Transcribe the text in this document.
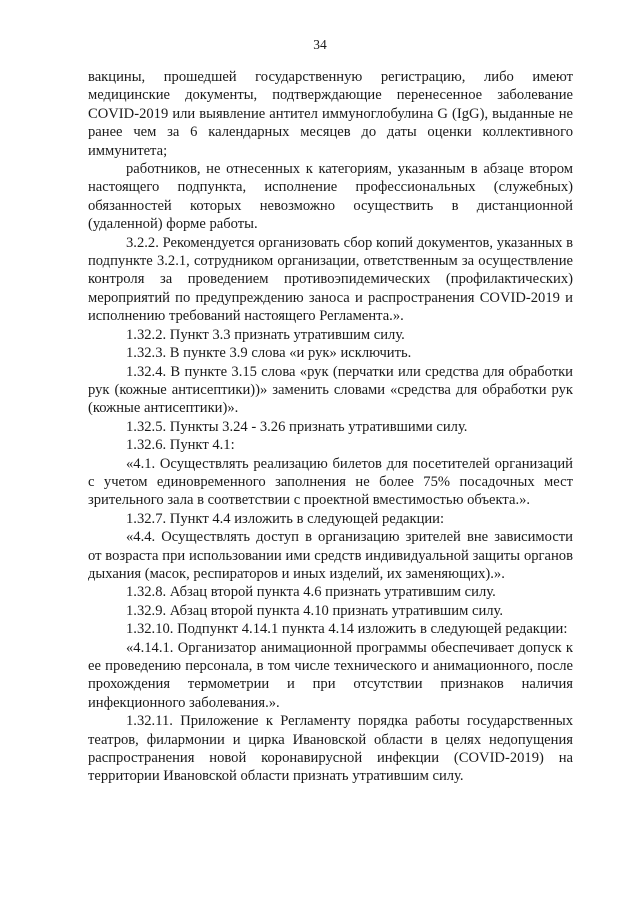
34

вакцины, прошедшей государственную регистрацию, либо имеют медицинские документы, подтверждающие перенесенное заболевание COVID-2019 или выявление антител иммуноглобулина G (IgG), выданные не ранее чем за 6 календарных месяцев до даты оценки коллективного иммунитета;

работников, не отнесенных к категориям, указанным в абзаце втором настоящего подпункта, исполнение профессиональных (служебных) обязанностей которых невозможно осуществить в дистанционной (удаленной) форме работы.

3.2.2. Рекомендуется организовать сбор копий документов, указанных в подпункте 3.2.1, сотрудником организации, ответственным за осуществление контроля за проведением противоэпидемических (профилактических) мероприятий по предупреждению заноса и распространения COVID-2019 и исполнению требований настоящего Регламента.».

1.32.2. Пункт 3.3 признать утратившим силу.

1.32.3. В пункте 3.9 слова «и рук» исключить.

1.32.4. В пункте 3.15 слова «рук (перчатки или средства для обработки рук (кожные антисептики))» заменить словами «средства для обработки рук (кожные антисептики)».

1.32.5. Пункты 3.24 - 3.26 признать утратившими силу.

1.32.6. Пункт 4.1:

«4.1. Осуществлять реализацию билетов для посетителей организаций с учетом единовременного заполнения не более 75% посадочных мест зрительного зала в соответствии с проектной вместимостью объекта.».

1.32.7. Пункт 4.4 изложить в следующей редакции:

«4.4. Осуществлять доступ в организацию зрителей вне зависимости от возраста при использовании ими средств индивидуальной защиты органов дыхания (масок, респираторов и иных изделий, их заменяющих).».

1.32.8. Абзац второй пункта 4.6 признать утратившим силу.

1.32.9. Абзац второй пункта 4.10 признать утратившим силу.

1.32.10. Подпункт 4.14.1 пункта 4.14 изложить в следующей редакции:

«4.14.1. Организатор анимационной программы обеспечивает допуск к ее проведению персонала, в том числе технического и анимационного, после прохождения термометрии и при отсутствии признаков наличия инфекционного заболевания.».

1.32.11. Приложение к Регламенту порядка работы государственных театров, филармонии и цирка Ивановской области в целях недопущения распространения новой коронавирусной инфекции (COVID-2019) на территории Ивановской области признать утратившим силу.
